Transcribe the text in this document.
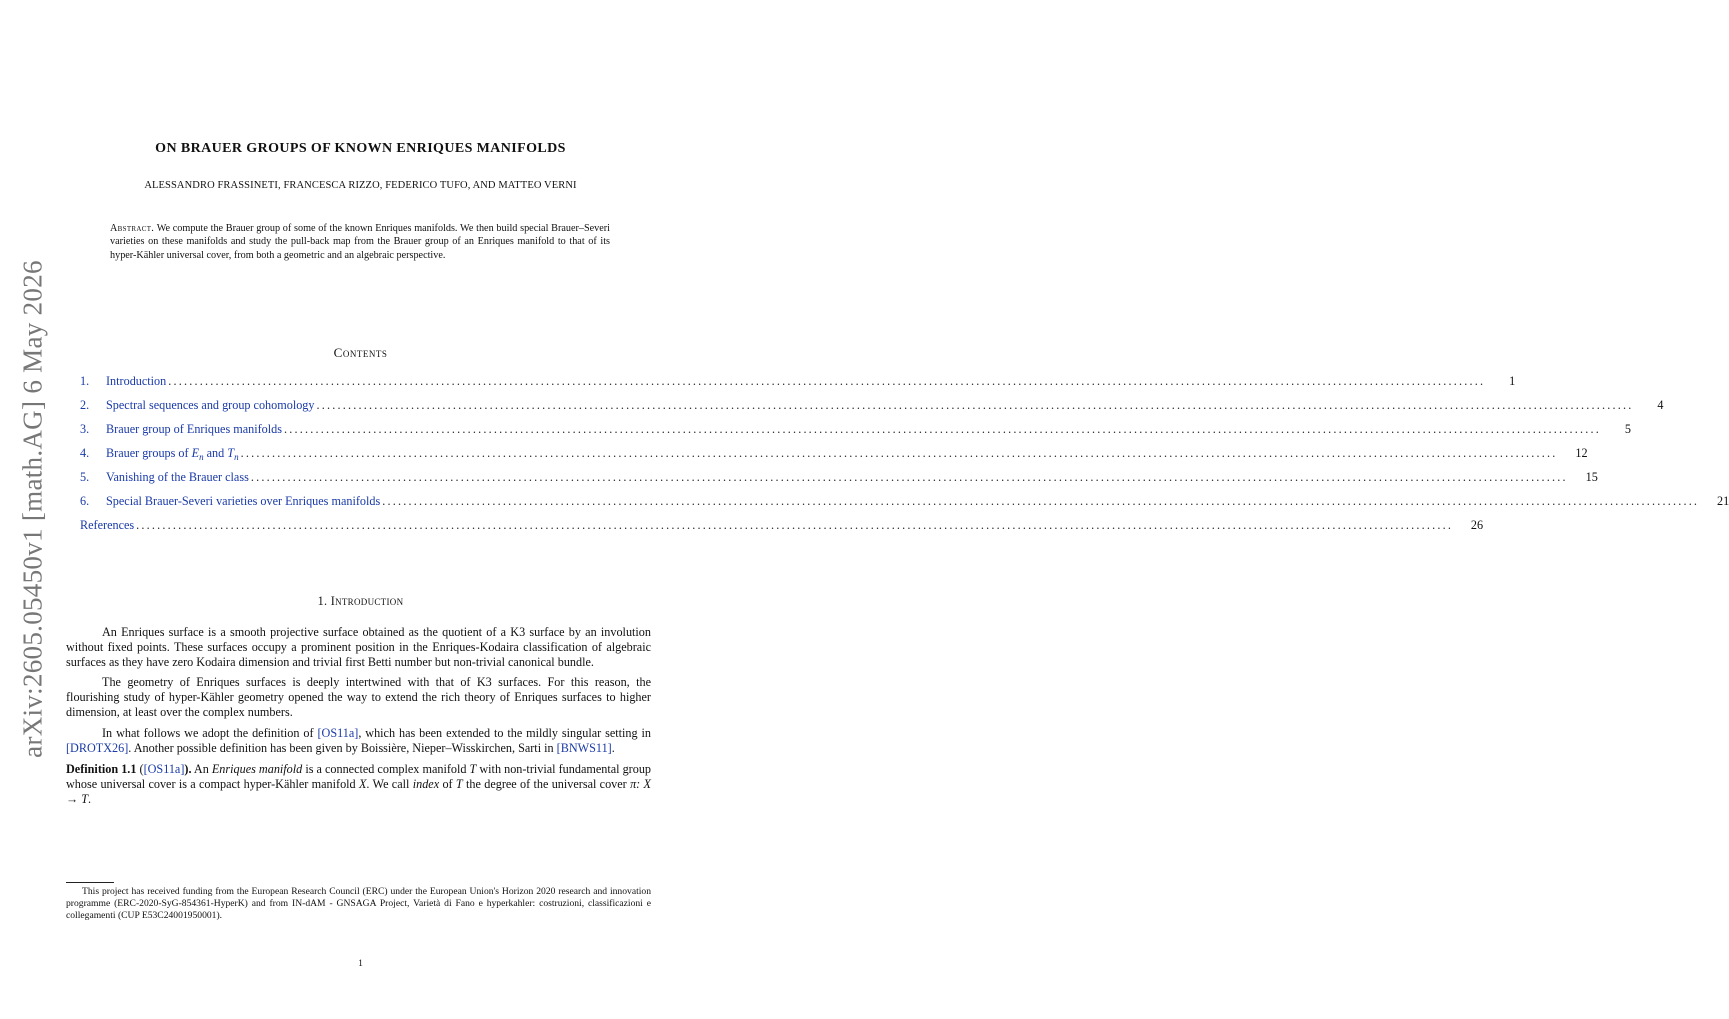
arXiv:2605.05450v1 [math.AG] 6 May 2026
ON BRAUER GROUPS OF KNOWN ENRIQUES MANIFOLDS
ALESSANDRO FRASSINETI, FRANCESCA RIZZO, FEDERICO TUFO, AND MATTEO VERNI
Abstract. We compute the Brauer group of some of the known Enriques manifolds. We then build special Brauer–Severi varieties on these manifolds and study the pull-back map from the Brauer group of an Enriques manifold to that of its hyper-Kähler universal cover, from both a geometric and an algebraic perspective.
Contents
1.	Introduction ...........................................................................................................................................................................................................................................................	1
2.	Spectral sequences and group cohomology ...........................................................................................................................................................................................................................................................	4
3.	Brauer group of Enriques manifolds ...........................................................................................................................................................................................................................................................	5
4.	Brauer groups of $E_n$ and $T_n$ ...........................................................................................................................................................................................................................................................	12
5.	Vanishing of the Brauer class ...........................................................................................................................................................................................................................................................	15
6.	Special Brauer-Severi varieties over Enriques manifolds ...........................................................................................................................................................................................................................................................	21
References ...........................................................................................................................................................................................................................................................	26
1. Introduction

An Enriques surface is a smooth projective surface obtained as the quotient of a K3 surface by an involution without fixed points. These surfaces occupy a prominent position in the Enriques-Kodaira classification of algebraic surfaces as they have zero Kodaira dimension and trivial first Betti number but non-trivial canonical bundle.

The geometry of Enriques surfaces is deeply intertwined with that of K3 surfaces. For this reason, the flourishing study of hyper-Kähler geometry opened the way to extend the rich theory of Enriques surfaces to higher dimension, at least over the complex numbers.

In what follows we adopt the definition of [OS11a], which has been extended to the mildly singular setting in [DROTX26]. Another possible definition has been given by Boissière, Nieper–Wisskirchen, Sarti in [BNWS11].

Definition 1.1 ([OS11a]). An Enriques manifold is a connected complex manifold T with non-trivial fundamental group whose universal cover is a compact hyper-Kähler manifold X. We call index of T the degree of the universal cover π: X → T.

This project has received funding from the European Research Council (ERC) under the European Union's Horizon 2020 research and innovation programme (ERC-2020-SyG-854361-HyperK) and from IN-dAM - GNSAGA Project, Varietà di Fano e hyperkahler: costruzioni, classificazioni e collegamenti (CUP E53C24001950001).

1
